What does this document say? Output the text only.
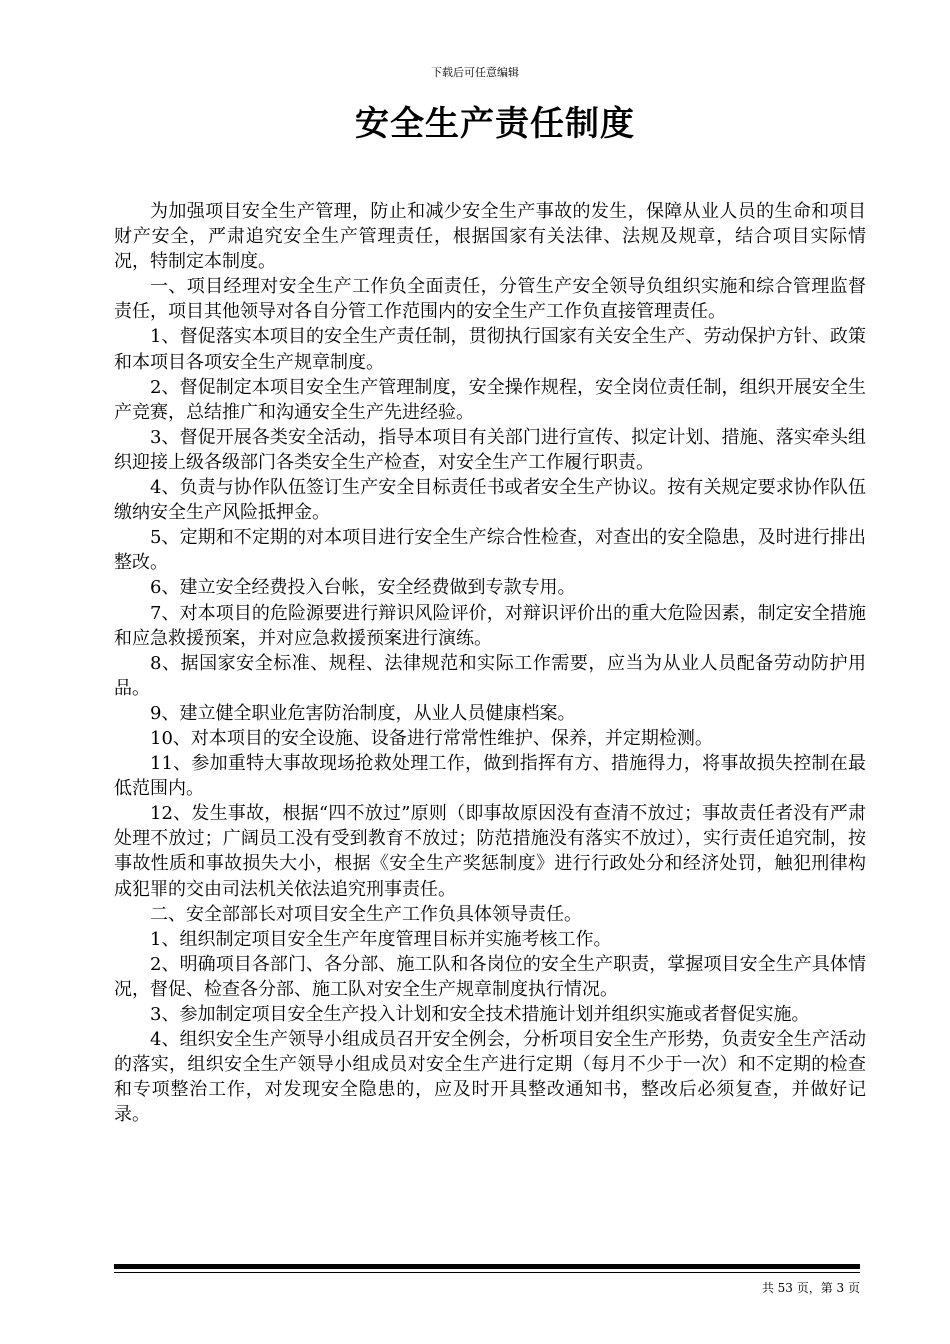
下载后可任意编辑
安全生产责任制度

为加强项目安全生产管理，防止和减少安全生产事故的发生，保障从业人员的生命和项目财产安全，严肃追究安全生产管理责任，根据国家有关法律、法规及规章，结合项目实际情况，特制定本制度。

一、项目经理对安全生产工作负全面责任，分管生产安全领导负组织实施和综合管理监督责任，项目其他领导对各自分管工作范围内的安全生产工作负直接管理责任。

1、督促落实本项目的安全生产责任制，贯彻执行国家有关安全生产、劳动保护方针、政策和本项目各项安全生产规章制度。

2、督促制定本项目安全生产管理制度，安全操作规程，安全岗位责任制，组织开展安全生产竞赛，总结推广和沟通安全生产先进经验。

3、督促开展各类安全活动，指导本项目有关部门进行宣传、拟定计划、措施、落实牵头组织迎接上级各级部门各类安全生产检查，对安全生产工作履行职责。

4、负责与协作队伍签订生产安全目标责任书或者安全生产协议。按有关规定要求协作队伍缴纳安全生产风险抵押金。

5、定期和不定期的对本项目进行安全生产综合性检查，对查出的安全隐患，及时进行排出整改。

6、建立安全经费投入台帐，安全经费做到专款专用。

7、对本项目的危险源要进行辩识风险评价，对辩识评价出的重大危险因素，制定安全措施和应急救援预案，并对应急救援预案进行演练。

8、据国家安全标准、规程、法律规范和实际工作需要，应当为从业人员配备劳动防护用品。

9、建立健全职业危害防治制度，从业人员健康档案。

10、对本项目的安全设施、设备进行常常性维护、保养，并定期检测。

11、参加重特大事故现场抢救处理工作，做到指挥有方、措施得力，将事故损失控制在最低范围内。

12、发生事故，根据“四不放过”原则（即事故原因没有查清不放过；事故责任者没有严肃处理不放过；广阔员工没有受到教育不放过；防范措施没有落实不放过），实行责任追究制，按事故性质和事故损失大小，根据《安全生产奖惩制度》进行行政处分和经济处罚，触犯刑律构成犯罪的交由司法机关依法追究刑事责任。

二、安全部部长对项目安全生产工作负具体领导责任。

1、组织制定项目安全生产年度管理目标并实施考核工作。

2、明确项目各部门、各分部、施工队和各岗位的安全生产职责，掌握项目安全生产具体情况，督促、检查各分部、施工队对安全生产规章制度执行情况。

3、参加制定项目安全生产投入计划和安全技术措施计划并组织实施或者督促实施。

4、组织安全生产领导小组成员召开安全例会，分析项目安全生产形势，负责安全生产活动的落实，组织安全生产领导小组成员对安全生产进行定期（每月不少于一次）和不定期的检查和专项整治工作，对发现安全隐患的，应及时开具整改通知书，整改后必须复查，并做好记录。

共 53 页，第 3 页
